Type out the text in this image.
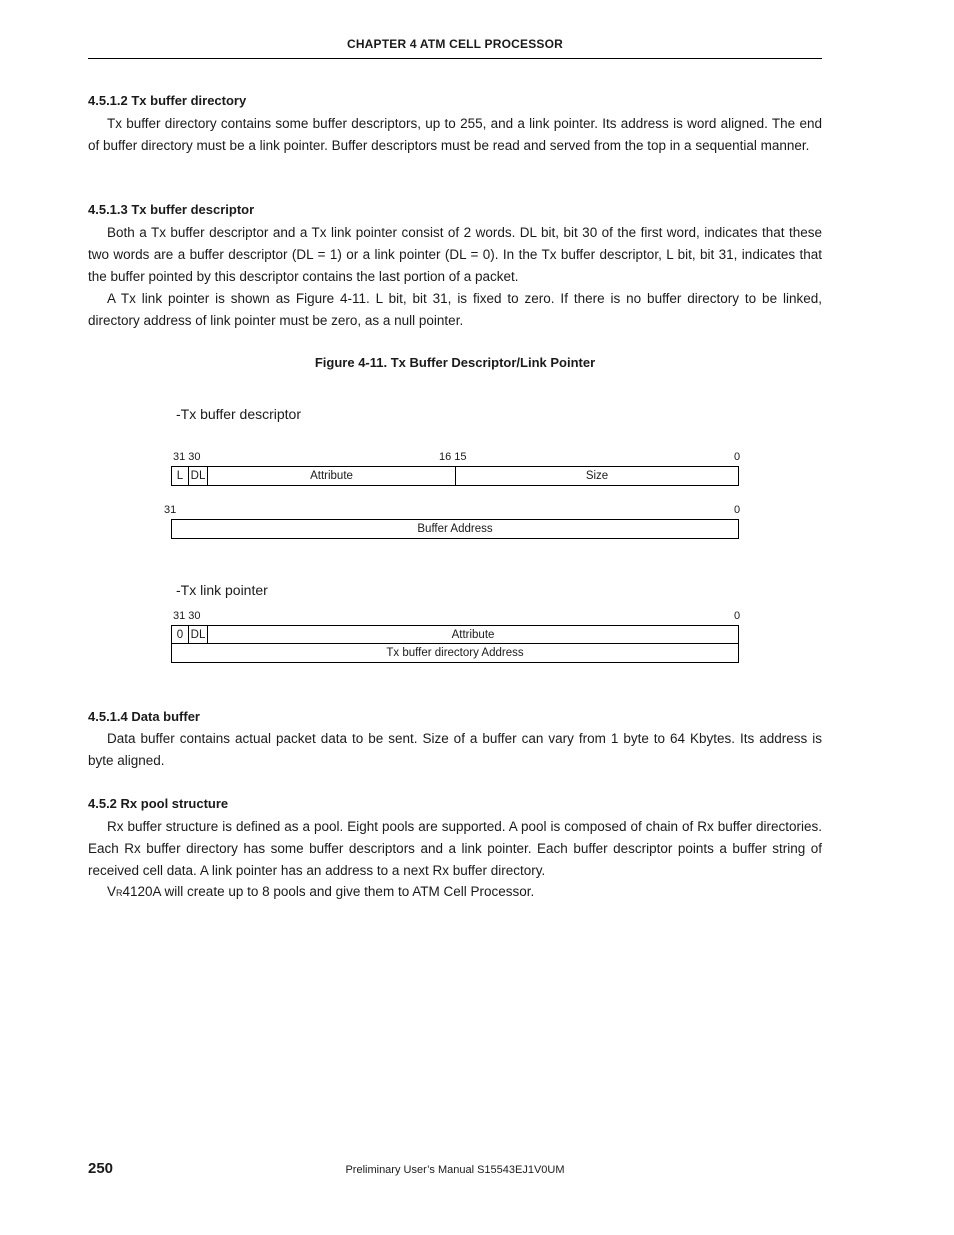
CHAPTER 4 ATM CELL PROCESSOR
4.5.1.2 Tx buffer directory
Tx buffer directory contains some buffer descriptors, up to 255, and a link pointer. Its address is word aligned. The end of buffer directory must be a link pointer. Buffer descriptors must be read and served from the top in a sequential manner.
4.5.1.3 Tx buffer descriptor
Both a Tx buffer descriptor and a Tx link pointer consist of 2 words. DL bit, bit 30 of the first word, indicates that these two words are a buffer descriptor (DL = 1) or a link pointer (DL = 0). In the Tx buffer descriptor, L bit, bit 31, indicates that the buffer pointed by this descriptor contains the last portion of a packet.
A Tx link pointer is shown as Figure 4-11. L bit, bit 31, is fixed to zero. If there is no buffer directory to be linked, directory address of link pointer must be zero, as a null pointer.
Figure 4-11. Tx Buffer Descriptor/Link Pointer
-Tx buffer descriptor
31 30	16 15	0
L DL	Attribute	Size
31	0
Buffer Address
-Tx link pointer
31 30	0
0 DL	Attribute
Tx buffer directory Address
4.5.1.4 Data buffer
Data buffer contains actual packet data to be sent. Size of a buffer can vary from 1 byte to 64 Kbytes. Its address is byte aligned.
4.5.2 Rx pool structure
Rx buffer structure is defined as a pool. Eight pools are supported. A pool is composed of chain of Rx buffer directories. Each Rx buffer directory has some buffer descriptors and a link pointer. Each buffer descriptor points a buffer string of received cell data. A link pointer has an address to a next Rx buffer directory.
VR4120A will create up to 8 pools and give them to ATM Cell Processor.
250	Preliminary User’s Manual S15543EJ1V0UM
